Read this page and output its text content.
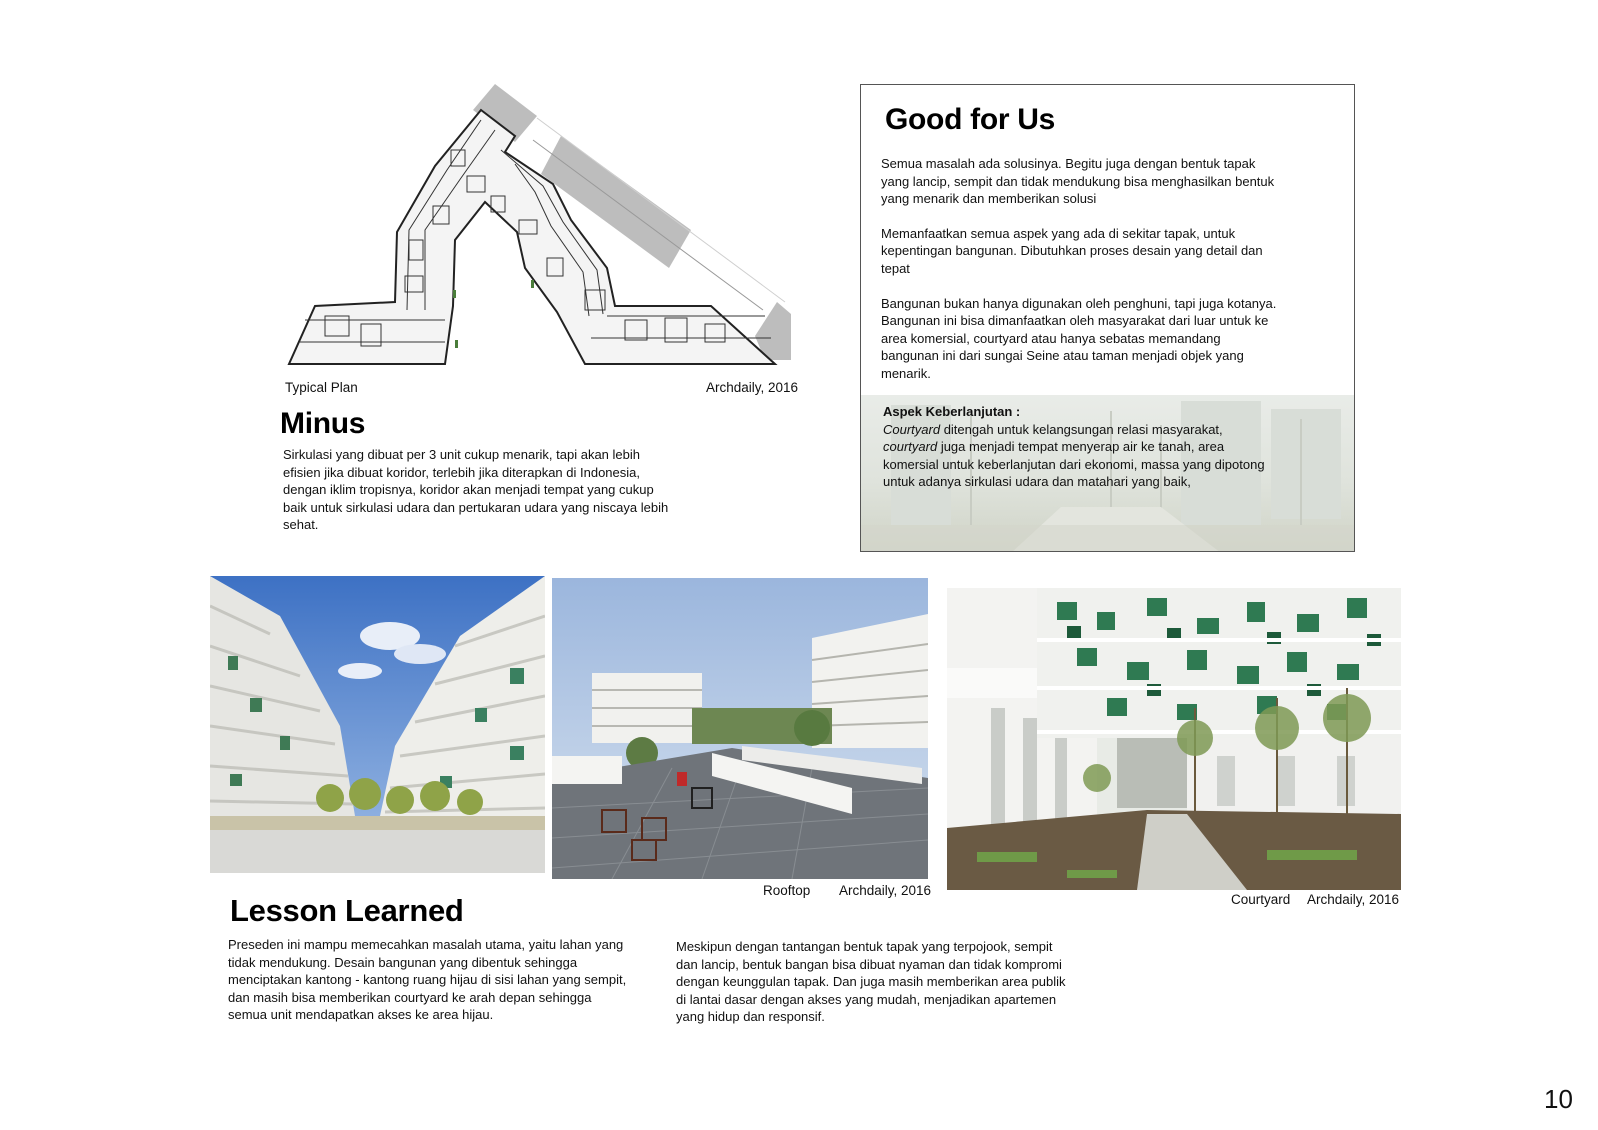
Typical Plan	Archdaily, 2016
Minus
Sirkulasi yang dibuat per 3 unit cukup menarik, tapi akan lebih efisien jika dibuat koridor, terlebih jika diterapkan di Indonesia, dengan iklim tropisnya, koridor akan menjadi tempat yang cukup baik untuk sirkulasi udara dan pertukaran udara yang niscaya lebih sehat.
Good for Us

Semua masalah ada solusinya. Begitu juga dengan bentuk tapak yang lancip, sempit dan tidak mendukung bisa menghasilkan bentuk yang menarik dan memberikan solusi

Memanfaatkan semua aspek yang ada di sekitar tapak, untuk kepentingan bangunan. Dibutuhkan proses desain yang detail dan tepat

Bangunan bukan hanya digunakan oleh penghuni, tapi juga kotanya. Bangunan ini bisa dimanfaatkan oleh masyarakat dari luar untuk ke area komersial, courtyard atau hanya sebatas memandang bangunan ini dari sungai Seine atau taman menjadi objek yang menarik.

Aspek Keberlanjutan :
Courtyard ditengah untuk kelangsungan relasi masyarakat, courtyard juga menjadi tempat menyerap air ke tanah, area komersial untuk keberlanjutan dari ekonomi, massa yang dipotong untuk adanya sirkulasi udara dan matahari yang baik,
Rooftop Archdaily, 2016
Courtyard Archdaily, 2016
Lesson Learned
Preseden ini mampu memecahkan masalah utama, yaitu lahan yang tidak mendukung. Desain bangunan yang dibentuk sehingga menciptakan kantong - kantong ruang hijau di sisi lahan yang sempit, dan masih bisa memberikan courtyard ke arah depan sehingga semua unit mendapatkan akses ke area hijau.
Meskipun dengan tantangan bentuk tapak yang terpojook, sempit dan lancip, bentuk bangan bisa dibuat nyaman dan tidak kompromi dengan keunggulan tapak. Dan juga masih memberikan area publik di lantai dasar dengan akses yang mudah, menjadikan apartemen yang hidup dan responsif.
10
